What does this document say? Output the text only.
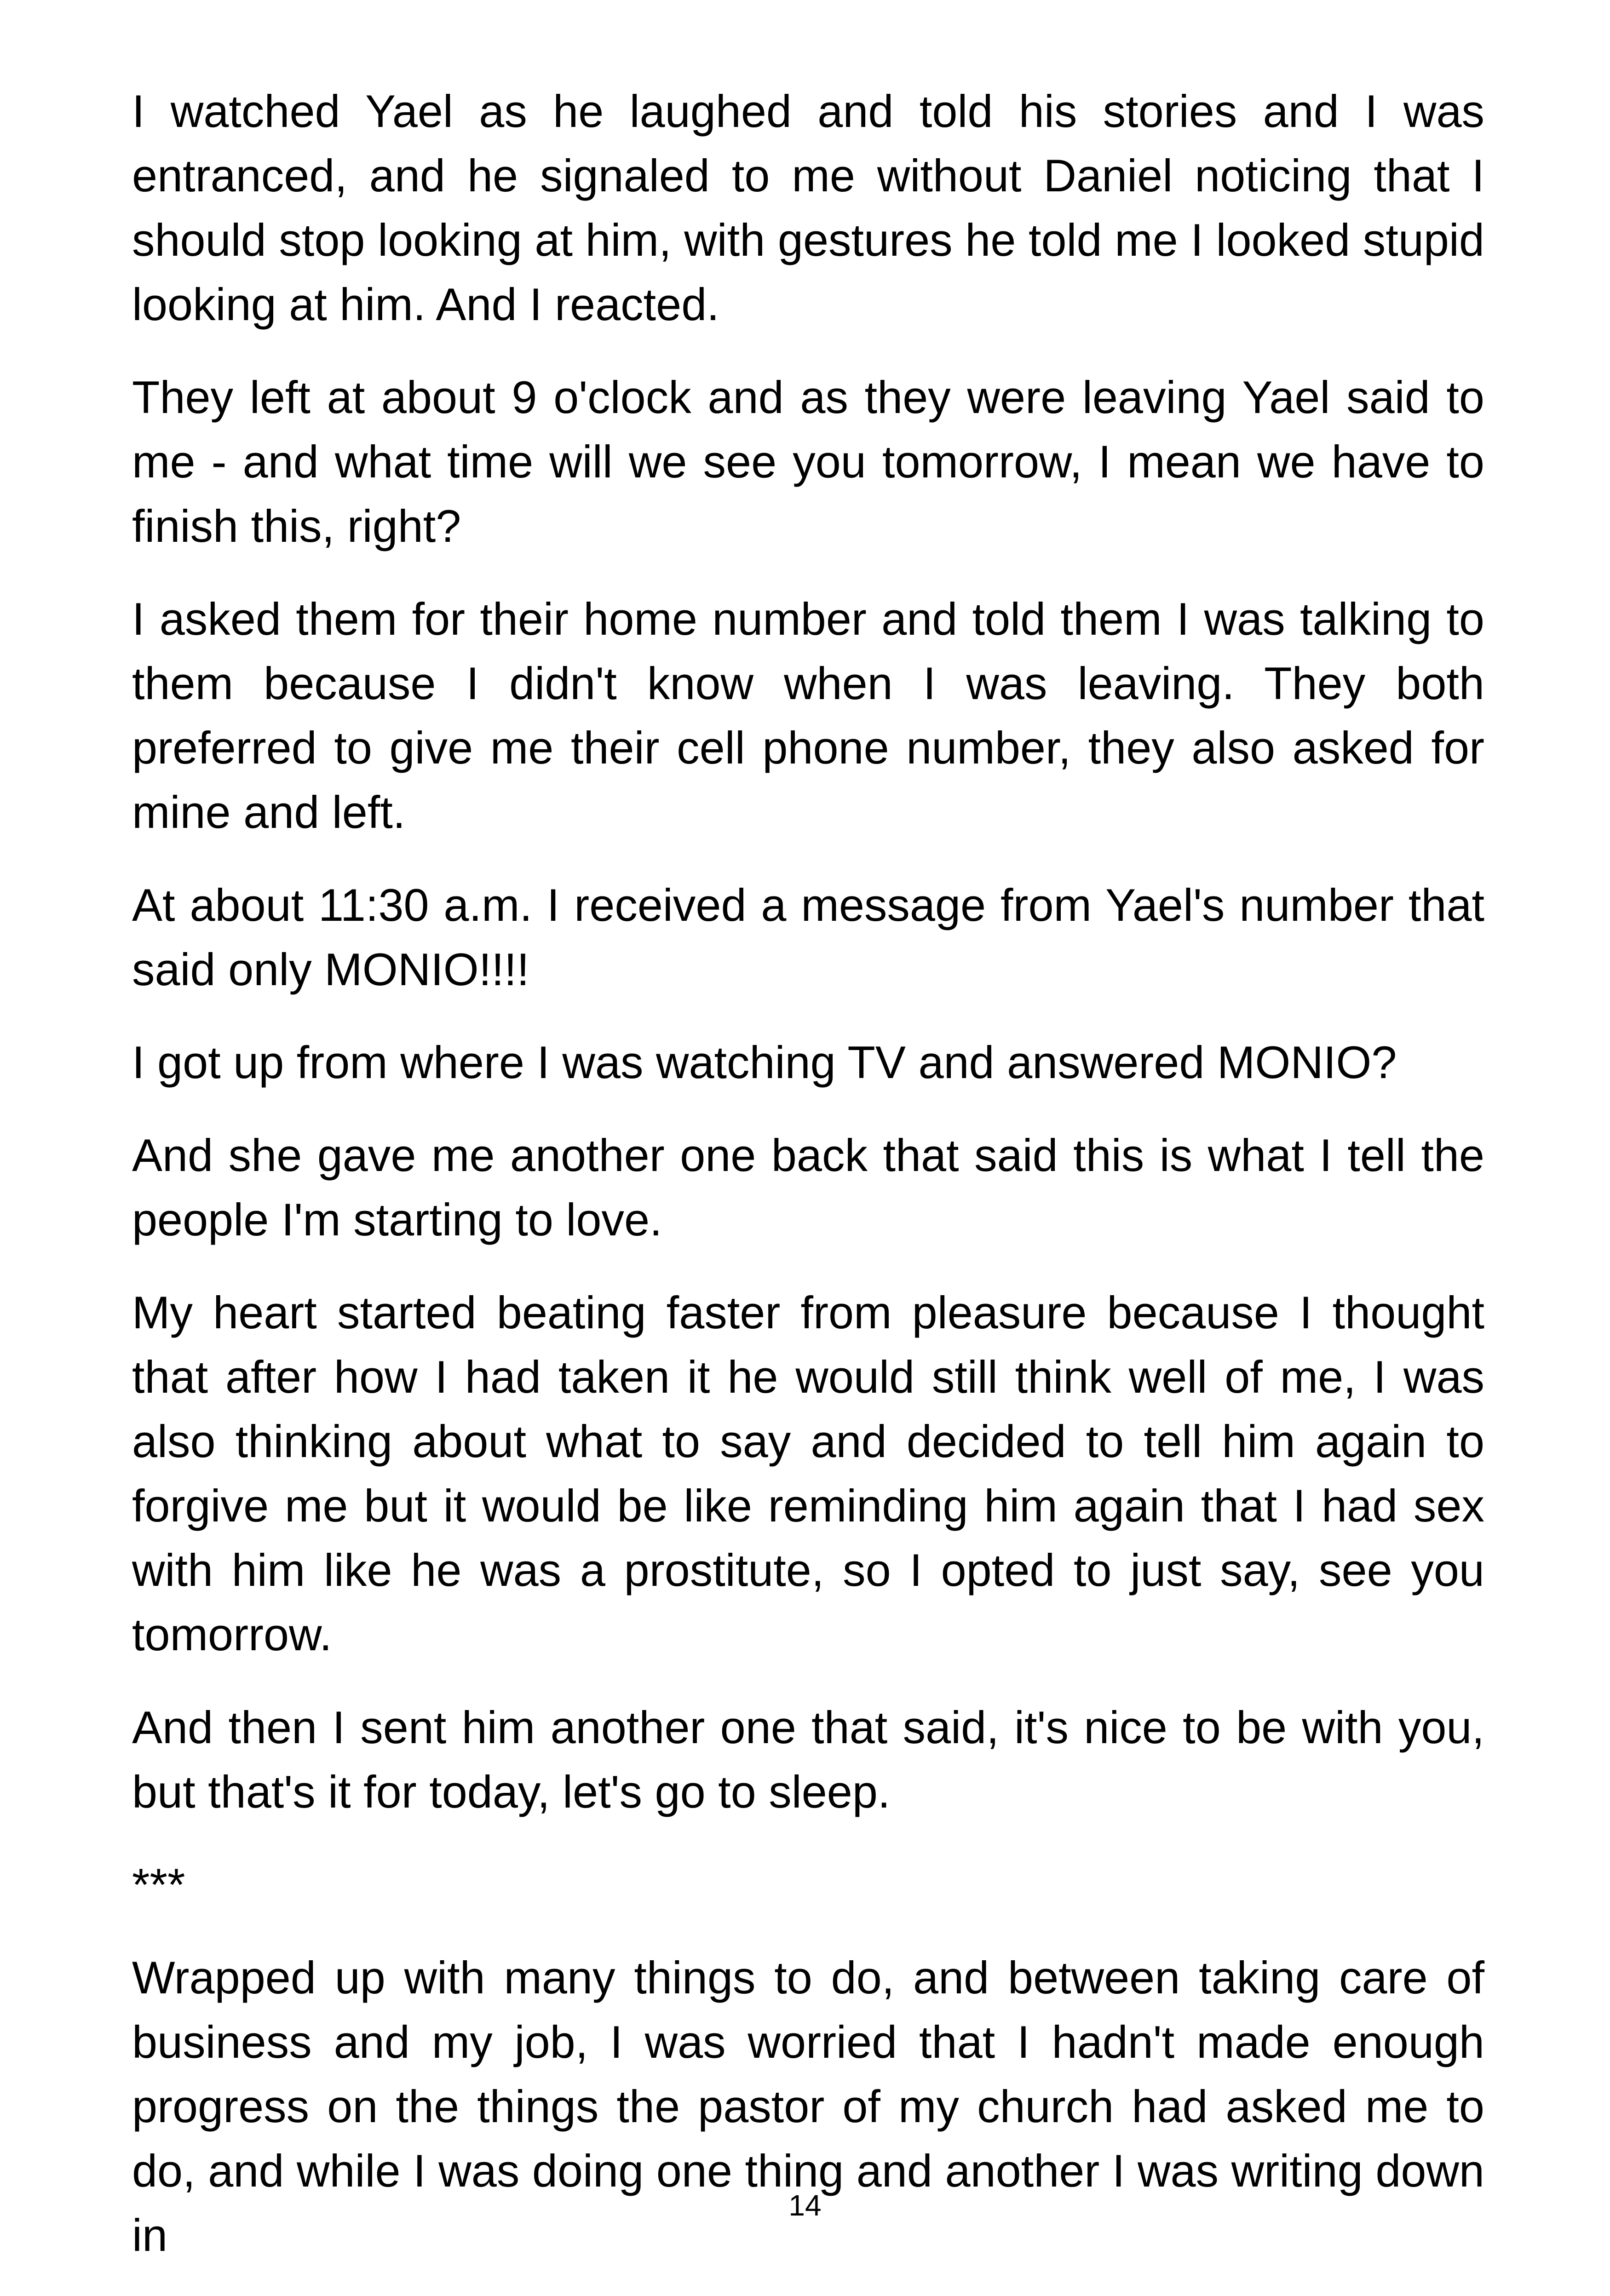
I watched Yael as he laughed and told his stories and I was entranced, and he signaled to me without Daniel noticing that I should stop looking at him, with gestures he told me I looked stupid looking at him. And I reacted.

They left at about 9 o'clock and as they were leaving Yael said to me - and what time will we see you tomorrow, I mean we have to finish this, right?

I asked them for their home number and told them I was talking to them because I didn't know when I was leaving. They both preferred to give me their cell phone number, they also asked for mine and left.

At about 11:30 a.m. I received a message from Yael's number that said only MONIO!!!!

I got up from where I was watching TV and answered MONIO?

And she gave me another one back that said this is what I tell the people I'm starting to love.

My heart started beating faster from pleasure because I thought that after how I had taken it he would still think well of me, I was also thinking about what to say and decided to tell him again to forgive me but it would be like reminding him again that I had sex with him like he was a prostitute, so I opted to just say, see you tomorrow.

And then I sent him another one that said, it's nice to be with you, but that's it for today, let's go to sleep.

***

Wrapped up with many things to do, and between taking care of business and my job, I was worried that I hadn't made enough progress on the things the pastor of my church had asked me to do, and while I was doing one thing and another I was writing down in

14
